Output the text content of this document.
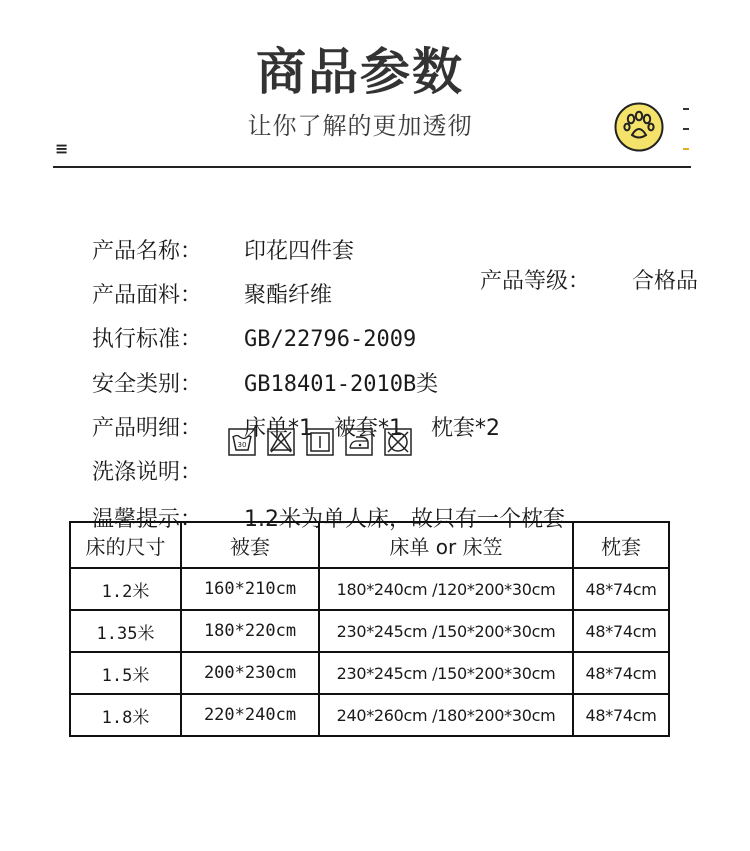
商品参数
让你了解的更加透彻
≡

产品名称： 印花四件套

产品等级： 合格品

产品面料： 聚酯纤维

执行标准： GB/22796-2009

安全类别： GB18401-2010B类

产品明细： 床单*1   被套*1    枕套*2

洗涤说明：

30

温馨提示： 1.2米为单人床，故只有一个枕套

床的尺寸	被套	床单 or 床笠	枕套
1.2米	160*210cm	180*240cm /120*200*30cm	48*74cm
1.35米	180*220cm	230*245cm /150*200*30cm	48*74cm
1.5米	200*230cm	230*245cm /150*200*30cm	48*74cm
1.8米	220*240cm	240*260cm /180*200*30cm	48*74cm
